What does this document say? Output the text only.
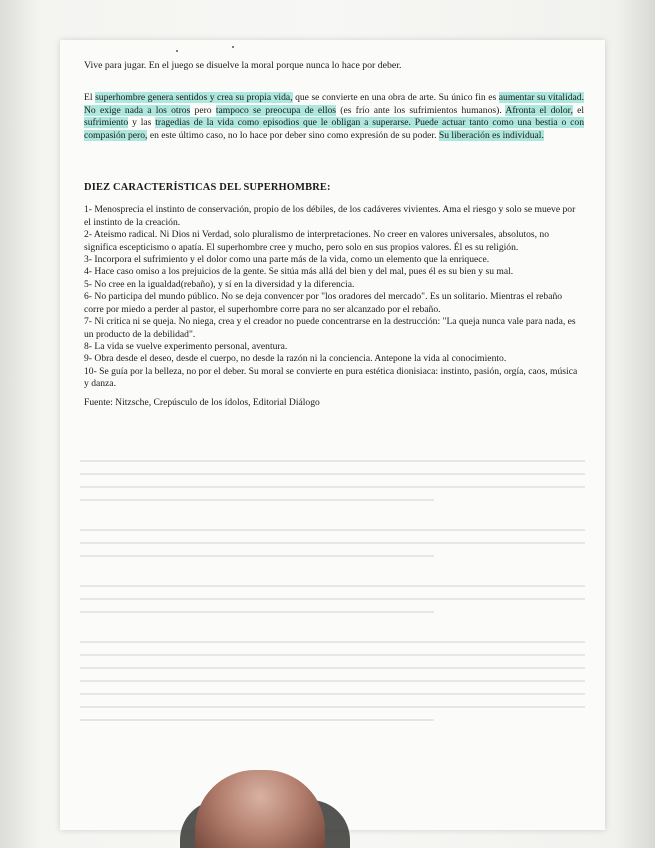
Vive para jugar. En el juego se disuelve la moral porque nunca lo hace por deber.

El superhombre genera sentidos y crea su propia vida, que se convierte en una obra de arte. Su único fin es aumentar su vitalidad. No exige nada a los otros pero tampoco se preocupa de ellos (es frío ante los sufrimientos humanos). Afronta el dolor, el sufrimiento y las tragedias de la vida como episodios que le obligan a superarse. Puede actuar tanto como una bestia o con compasión pero, en este último caso, no lo hace por deber sino como expresión de su poder. Su liberación es individual.

DIEZ CARACTERÍSTICAS DEL SUPERHOMBRE:

1- Menosprecia el instinto de conservación, propio de los débiles, de los cadáveres vivientes. Ama el riesgo y solo se mueve por el instinto de la creación.
2- Ateismo radical. Ni Dios ni Verdad, solo pluralismo de interpretaciones. No creer en valores universales, absolutos, no significa escepticismo o apatía. El superhombre cree y mucho, pero solo en sus propios valores. Él es su religión.
3- Incorpora el sufrimiento y el dolor como una parte más de la vida, como un elemento que la enriquece.
4- Hace caso omiso a los prejuicios de la gente. Se sitúa más allá del bien y del mal, pues él es su bien y su mal.
5- No cree en la igualdad(rebaño), y sí en la diversidad y la diferencia.
6- No participa del mundo público. No se deja convencer por "los oradores del mercado". Es un solitario. Mientras el rebaño corre por miedo a perder al pastor, el superhombre corre para no ser alcanzado por el rebaño.
7- Ni critica ni se queja. No niega, crea y el creador no puede concentrarse en la destrucción: "La queja nunca vale para nada, es un producto de la debilidad".
8- La vida se vuelve experimento personal, aventura.
9- Obra desde el deseo, desde el cuerpo, no desde la razón ni la conciencia. Antepone la vida al conocimiento.
10- Se guía por la belleza, no por el deber. Su moral se convierte en pura estética dionisiaca: instinto, pasión, orgía, caos, música y danza.

Fuente: Nitzsche, Crepúsculo de los ídolos, Editorial Diálogo
